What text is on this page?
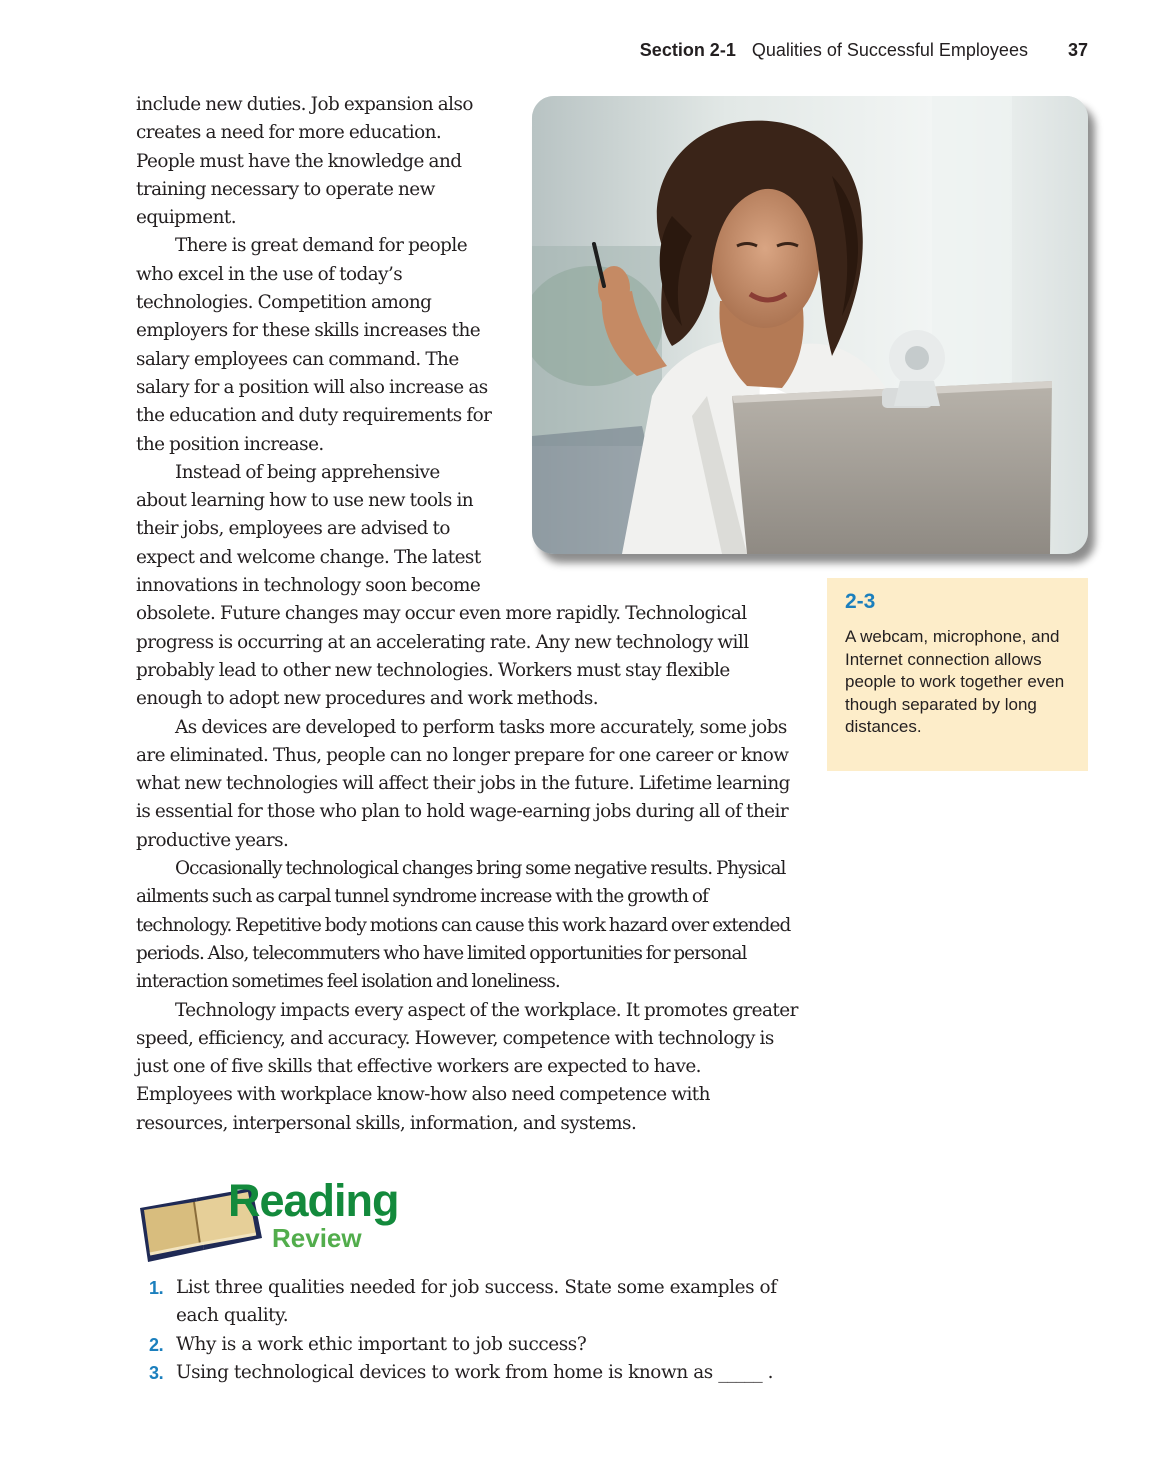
Section 2-1 Qualities of Successful Employees 37
2-3
A webcam, microphone, and Internet connection allows people to work together even though separated by long distances.

include new duties. Job expansion also creates a need for more education. People must have the knowledge and training necessary to operate new equipment.

There is great demand for people who excel in the use of today’s technologies. Competition among employers for these skills increases the salary employees can command. The salary for a position will also increase as the education and duty requirements for the position increase.

Instead of being apprehensive about learning how to use new tools in their jobs, employees are advised to expect and welcome change. The latest innovations in technology soon become obsolete. Future changes may occur even more rapidly. Technological progress is occurring at an accelerating rate. Any new technology will probably lead to other new technologies. Workers must stay flexible enough to adopt new procedures and work methods.

As devices are developed to perform tasks more accurately, some jobs are eliminated. Thus, people can no longer prepare for one career or know what new technologies will affect their jobs in the future. Lifetime learning is essential for those who plan to hold wage-earning jobs during all of their productive years.

Occasionally technological changes bring some negative results. Physical ailments such as carpal tunnel syndrome increase with the growth of technology. Repetitive body motions can cause this work hazard over extended periods. Also, telecommuters who have limited opportunities for personal interaction sometimes feel isolation and loneliness.

Technology impacts every aspect of the workplace. It promotes greater speed, efficiency, and accuracy. However, competence with technology is just one of five skills that effective workers are expected to have. Employees with workplace know-how also need competence with resources, interpersonal skills, information, and systems.

Reading
Review
1. List three qualities needed for job success. State some examples of each quality.
2. Why is a work ethic important to job success?
3. Using technological devices to work from home is known as _____ .
